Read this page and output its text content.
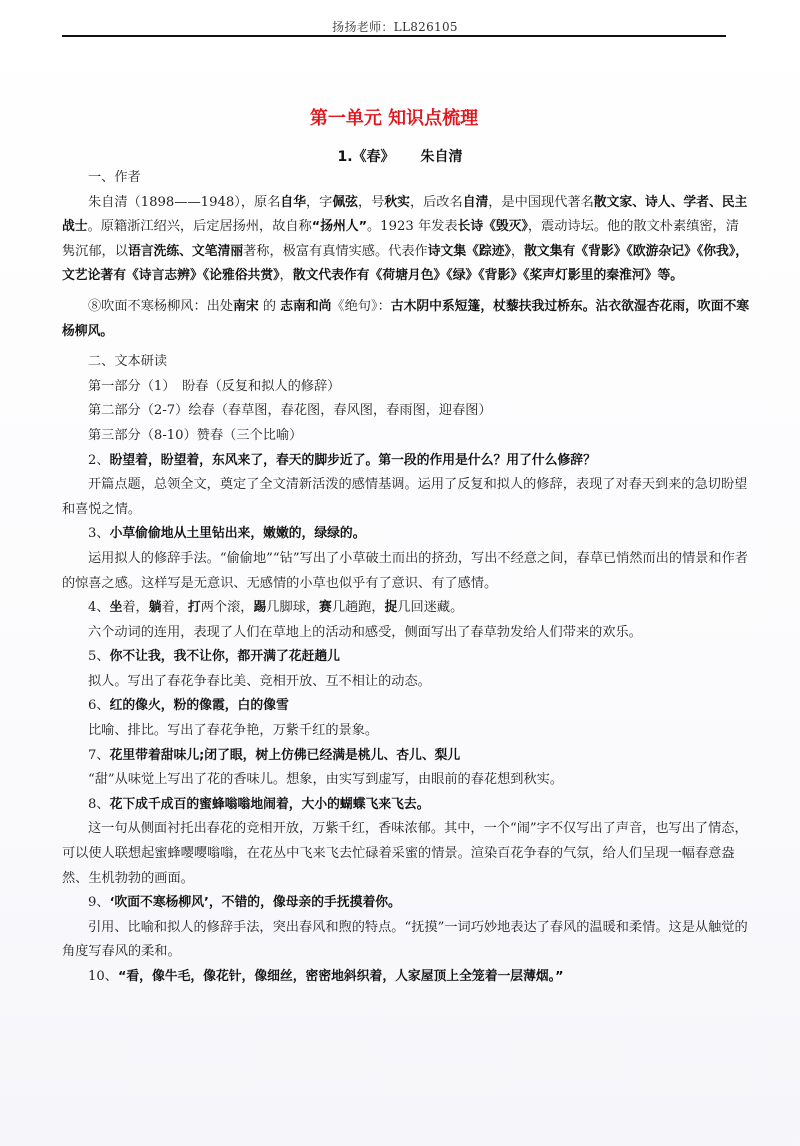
扬扬老师：LL826105
第一单元 知识点梳理
1.《春》 朱自清

一、作者

朱自清（1898——1948），原名自华，字佩弦，号秋实，后改名自清，是中国现代著名散文家、诗人、学者、民主战士。原籍浙江绍兴，后定居扬州，故自称“扬州人”。1923 年发表长诗《毁灭》，震动诗坛。他的散文朴素缜密，清隽沉郁，以语言洗练、文笔清丽著称，极富有真情实感。代表作诗文集《踪迹》，散文集有《背影》《欧游杂记》《你我》，文艺论著有《诗言志辨》《论雅俗共赏》，散文代表作有《荷塘月色》《绿》《背影》《桨声灯影里的秦淮河》等。

⑧吹面不寒杨柳风：出处南宋 的 志南和尚《绝句》：古木阴中系短篷，杖藜扶我过桥东。沾衣欲湿杏花雨，吹面不寒杨柳风。

二、文本研读

第一部分（1）　盼春（反复和拟人的修辞）

第二部分（2-7）绘春（春草图，春花图，春风图，春雨图，迎春图）

第三部分（8-10）赞春（三个比喻）

2、盼望着，盼望着，东风来了，春天的脚步近了。第一段的作用是什么？用了什么修辞？

开篇点题，总领全文，奠定了全文清新活泼的感情基调。运用了反复和拟人的修辞，表现了对春天到来的急切盼望和喜悦之情。

3、小草偷偷地从土里钻出来，嫩嫩的，绿绿的。

运用拟人的修辞手法。“偷偷地”“钻”写出了小草破土而出的挤劲，写出不经意之间，春草已悄然而出的情景和作者的惊喜之感。这样写是无意识、无感情的小草也似乎有了意识、有了感情。

4、坐着，躺着，打两个滚，踢几脚球，赛几趟跑，捉几回迷藏。

六个动词的连用，表现了人们在草地上的活动和感受，侧面写出了春草勃发给人们带来的欢乐。

5、你不让我，我不让你，都开满了花赶趟儿

拟人。写出了春花争春比美、竞相开放、互不相让的动态。

6、红的像火，粉的像霞，白的像雪

比喻、排比。写出了春花争艳，万紫千红的景象。

7、花里带着甜味儿;闭了眼，树上仿佛已经满是桃儿、杏儿、梨儿

“甜”从味觉上写出了花的香味儿。想象，由实写到虚写，由眼前的春花想到秋实。

8、花下成千成百的蜜蜂嗡嗡地闹着，大小的蝴蝶飞来飞去。

这一句从侧面衬托出春花的竞相开放，万紫千红，香味浓郁。其中，一个“闹”字不仅写出了声音，也写出了情态，可以使人联想起蜜蜂嘤嘤嗡嗡，在花丛中飞来飞去忙碌着采蜜的情景。渲染百花争春的气氛，给人们呈现一幅春意盎然、生机勃勃的画面。

9、‘吹面不寒杨柳风’，不错的，像母亲的手抚摸着你。

引用、比喻和拟人的修辞手法，突出春风和煦的特点。“抚摸”一词巧妙地表达了春风的温暖和柔情。这是从触觉的角度写春风的柔和。

10、“看，像牛毛，像花针，像细丝，密密地斜织着，人家屋顶上全笼着一层薄烟。”
